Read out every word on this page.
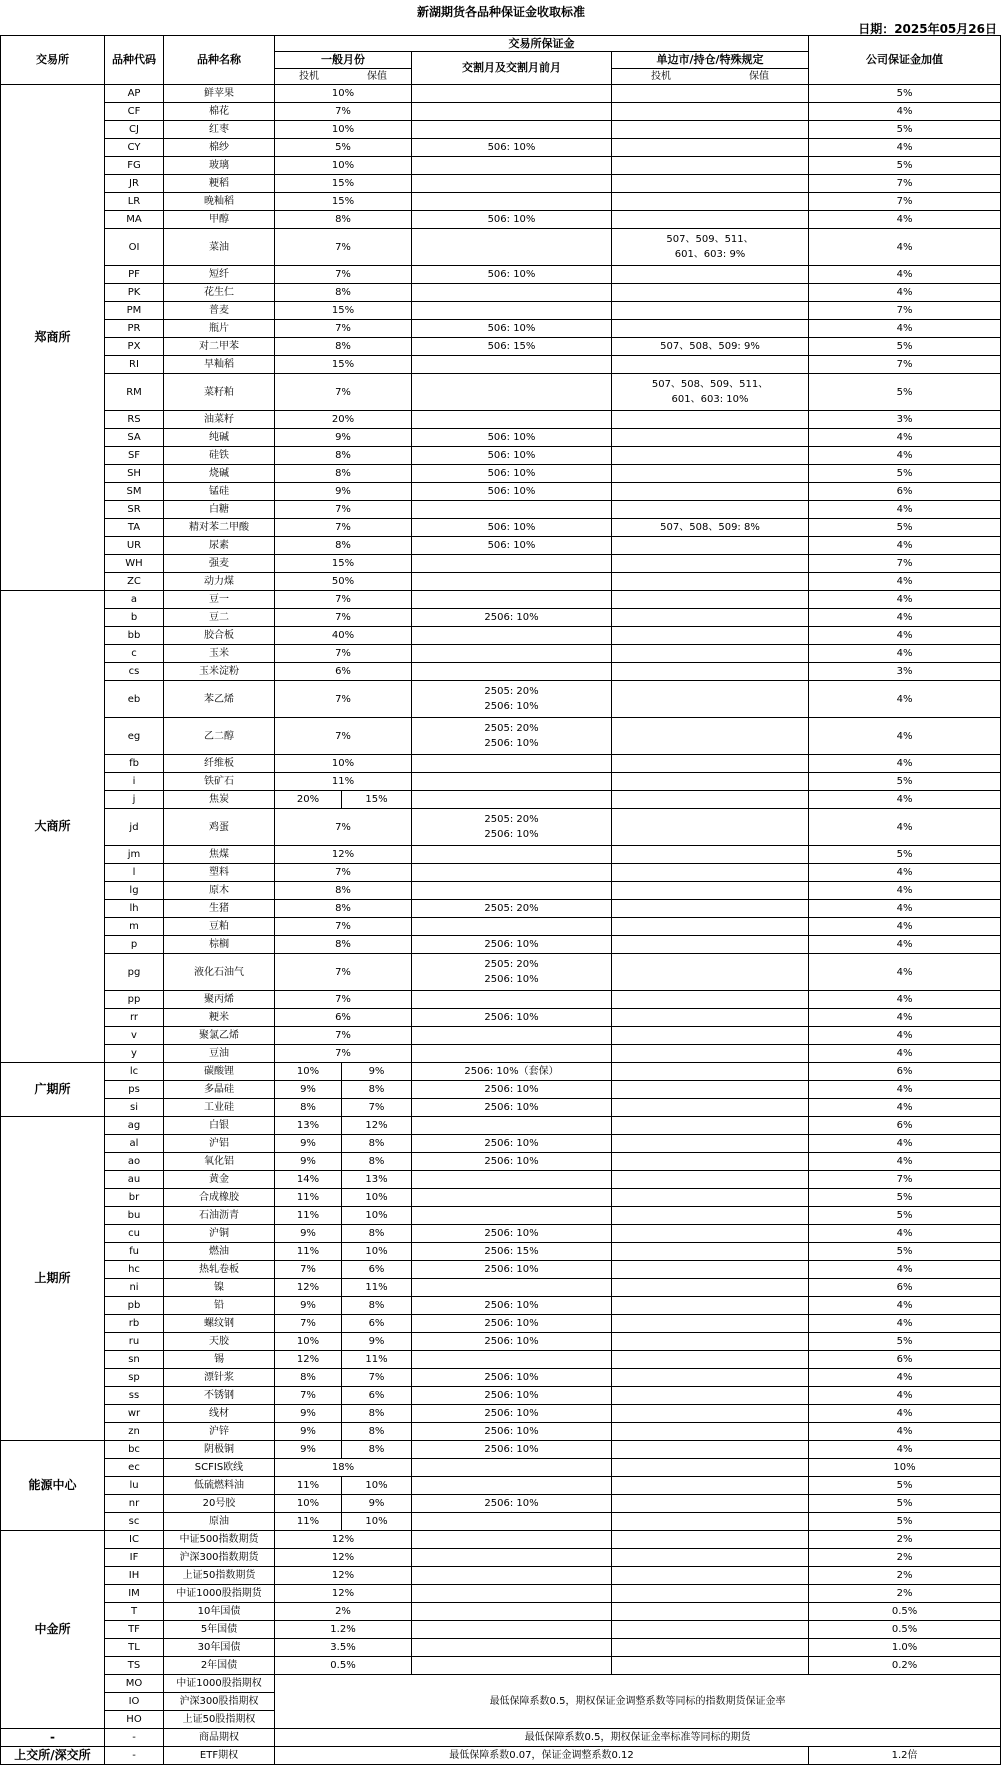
新湖期货各品种保证金收取标准
日期：2025年05月26日
交易所	品种代码	品种名称	交易所保证金				公司保证金加值
			一般月份		交割月及交割月前月	单边市/持仓/特殊规定	

			投机 保值			投机 保值	

郑商所	AP	鲜苹果	10%				5%
	CF	棉花	7%				4%
	CJ	红枣	10%				5%
	CY	棉纱	5%		506: 10%		4%
	FG	玻璃	10%				5%
	JR	粳稻	15%				7%
	LR	晚籼稻	15%				7%
	MA	甲醇	8%		506: 10%		4%
	OI	菜油	7%			507、509、511、
601、603: 9%	4%
	PF	短纤	7%		506: 10%		4%
	PK	花生仁	8%				4%
	PM	普麦	15%				7%
	PR	瓶片	7%		506: 10%		4%
	PX	对二甲苯	8%		506: 15%	507、508、509: 9%	5%
	RI	早籼稻	15%				7%
	RM	菜籽粕	7%			507、508、509、511、
601、603: 10%	5%
	RS	油菜籽	20%				3%
	SA	纯碱	9%		506: 10%		4%
	SF	硅铁	8%		506: 10%		4%
	SH	烧碱	8%		506: 10%		5%
	SM	锰硅	9%		506: 10%		6%
	SR	白糖	7%				4%
	TA	精对苯二甲酸	7%		506: 10%	507、508、509: 8%	5%
	UR	尿素	8%		506: 10%		4%
	WH	强麦	15%				7%
	ZC	动力煤	50%				4%
大商所	a	豆一	7%				4%
	b	豆二	7%		2506: 10%		4%
	bb	胶合板	40%				4%
	c	玉米	7%				4%
	cs	玉米淀粉	6%				3%
	eb	苯乙烯	7%		2505: 20%
2506: 10%		4%
	eg	乙二醇	7%		2505: 20%
2506: 10%		4%
	fb	纤维板	10%				4%
	i	铁矿石	11%				5%
	j	焦炭	20%	15%			4%
	jd	鸡蛋	7%		2505: 20%
2506: 10%		4%
	jm	焦煤	12%				5%
	l	塑料	7%				4%
	lg	原木	8%				4%
	lh	生猪	8%		2505: 20%		4%
	m	豆粕	7%				4%
	p	棕榈	8%		2506: 10%		4%
	pg	液化石油气	7%		2505: 20%
2506: 10%		4%
	pp	聚丙烯	7%				4%
	rr	粳米	6%		2506: 10%		4%
	v	聚氯乙烯	7%				4%
	y	豆油	7%				4%
广期所	lc	碳酸锂	10%	9%	2506: 10%（套保）		6%
	ps	多晶硅	9%	8%	2506: 10%		4%
	si	工业硅	8%	7%	2506: 10%		4%
上期所	ag	白银	13%	12%			6%
	al	沪铝	9%	8%	2506: 10%		4%
	ao	氧化铝	9%	8%	2506: 10%		4%
	au	黄金	14%	13%			7%
	br	合成橡胶	11%	10%			5%
	bu	石油沥青	11%	10%			5%
	cu	沪铜	9%	8%	2506: 10%		4%
	fu	燃油	11%	10%	2506: 15%		5%
	hc	热轧卷板	7%	6%	2506: 10%		4%
	ni	镍	12%	11%			6%
	pb	铅	9%	8%	2506: 10%		4%
	rb	螺纹钢	7%	6%	2506: 10%		4%
	ru	天胶	10%	9%	2506: 10%		5%
	sn	锡	12%	11%			6%
	sp	漂针浆	8%	7%	2506: 10%		4%
	ss	不锈钢	7%	6%	2506: 10%		4%
	wr	线材	9%	8%	2506: 10%		4%
	zn	沪锌	9%	8%	2506: 10%		4%
能源中心	bc	阴极铜	9%	8%	2506: 10%		4%
	ec	SCFIS欧线	18%				10%
	lu	低硫燃料油	11%	10%			5%
	nr	20号胶	10%	9%	2506: 10%		5%
	sc	原油	11%	10%			5%
中金所	IC	中证500指数期货	12%				2%
	IF	沪深300指数期货	12%				2%
	IH	上证50指数期货	12%				2%
	IM	中证1000股指期货	12%				2%
	T	10年国债	2%				0.5%
	TF	5年国债	1.2%				0.5%
	TL	30年国债	3.5%				1.0%
	TS	2年国债	0.5%				0.2%
	MO	中证1000股指期权	最低保障系数0.5，期权保证金调整系数等同标的指数期货保证金率				
	IO	沪深300股指期权					
	HO	上证50股指期权					
-	-	商品期权	最低保障系数0.5，期权保证金率标准等同标的期货				
上交所/深交所	-	ETF期权	最低保障系数0.07，保证金调整系数0.12				1.2倍
